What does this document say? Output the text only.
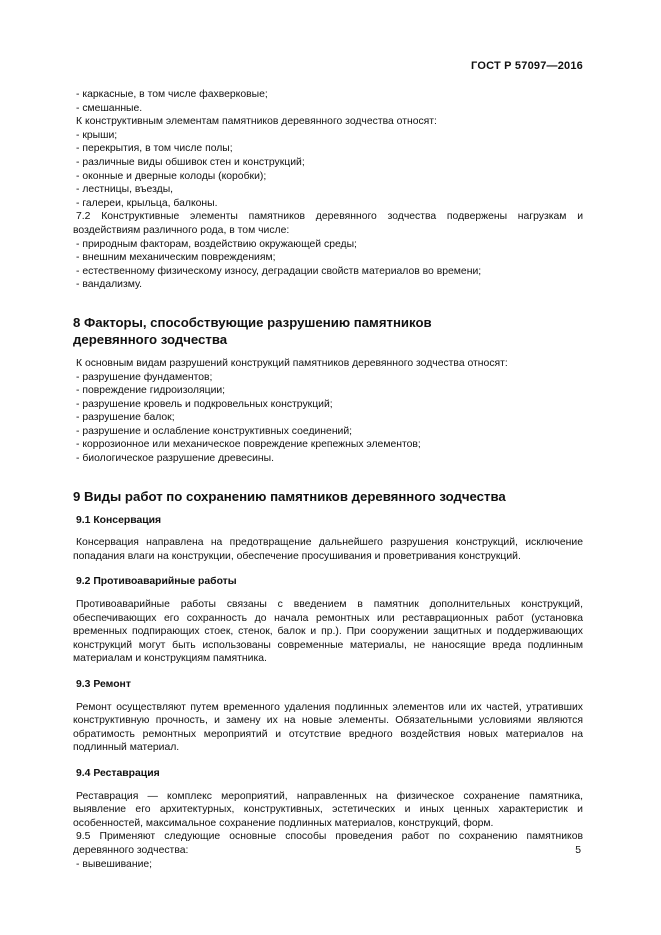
ГОСТ Р 57097—2016

- каркасные, в том числе фахверковые;

- смешанные.

К конструктивным элементам памятников деревянного зодчества относят:

- крыши;

- перекрытия, в том числе полы;

- различные виды обшивок стен и конструкций;

- оконные и дверные колоды (коробки);

- лестницы, въезды,

- галереи, крыльца, балконы.

7.2 Конструктивные элементы памятников деревянного зодчества подвержены нагрузкам и воздействиям различного рода, в том числе:

- природным факторам, воздействию окружающей среды;

- внешним механическим повреждениям;

- естественному физическому износу, деградации свойств материалов во времени;

- вандализму.

8 Факторы, способствующие разрушению памятников

деревянного зодчества

К основным видам разрушений конструкций памятников деревянного зодчества относят:

- разрушение фундаментов;

- повреждение гидроизоляции;

- разрушение кровель и подкровельных конструкций;

- разрушение балок;

- разрушение и ослабление конструктивных соединений;

- коррозионное или механическое повреждение крепежных элементов;

- биологическое разрушение древесины.

9 Виды работ по сохранению памятников деревянного зодчества

9.1 Консервация

Консервация направлена на предотвращение дальнейшего разрушения конструкций, исключение попадания влаги на конструкции, обеспечение просушивания и проветривания конструкций.

9.2 Противоаварийные работы

Противоаварийные работы связаны с введением в памятник дополнительных конструкций, обеспечивающих его сохранность до начала ремонтных или реставрационных работ (установка временных подпирающих стоек, стенок, балок и пр.). При сооружении защитных и поддерживающих конструкций могут быть использованы современные материалы, не наносящие вреда подлинным материалам и конструкциям памятника.

9.3 Ремонт

Ремонт осуществляют путем временного удаления подлинных элементов или их частей, утративших конструктивную прочность, и замену их на новые элементы. Обязательными условиями являются обратимость ремонтных мероприятий и отсутствие вредного воздействия новых материалов на подлинный материал.

9.4 Реставрация

Реставрация — комплекс мероприятий, направленных на физическое сохранение памятника, выявление его архитектурных, конструктивных, эстетических и иных ценных характеристик и особенностей, максимальное сохранение подлинных материалов, конструкций, форм.

9.5 Применяют следующие основные способы проведения работ по сохранению памятников деревянного зодчества:

- вывешивание;

5
